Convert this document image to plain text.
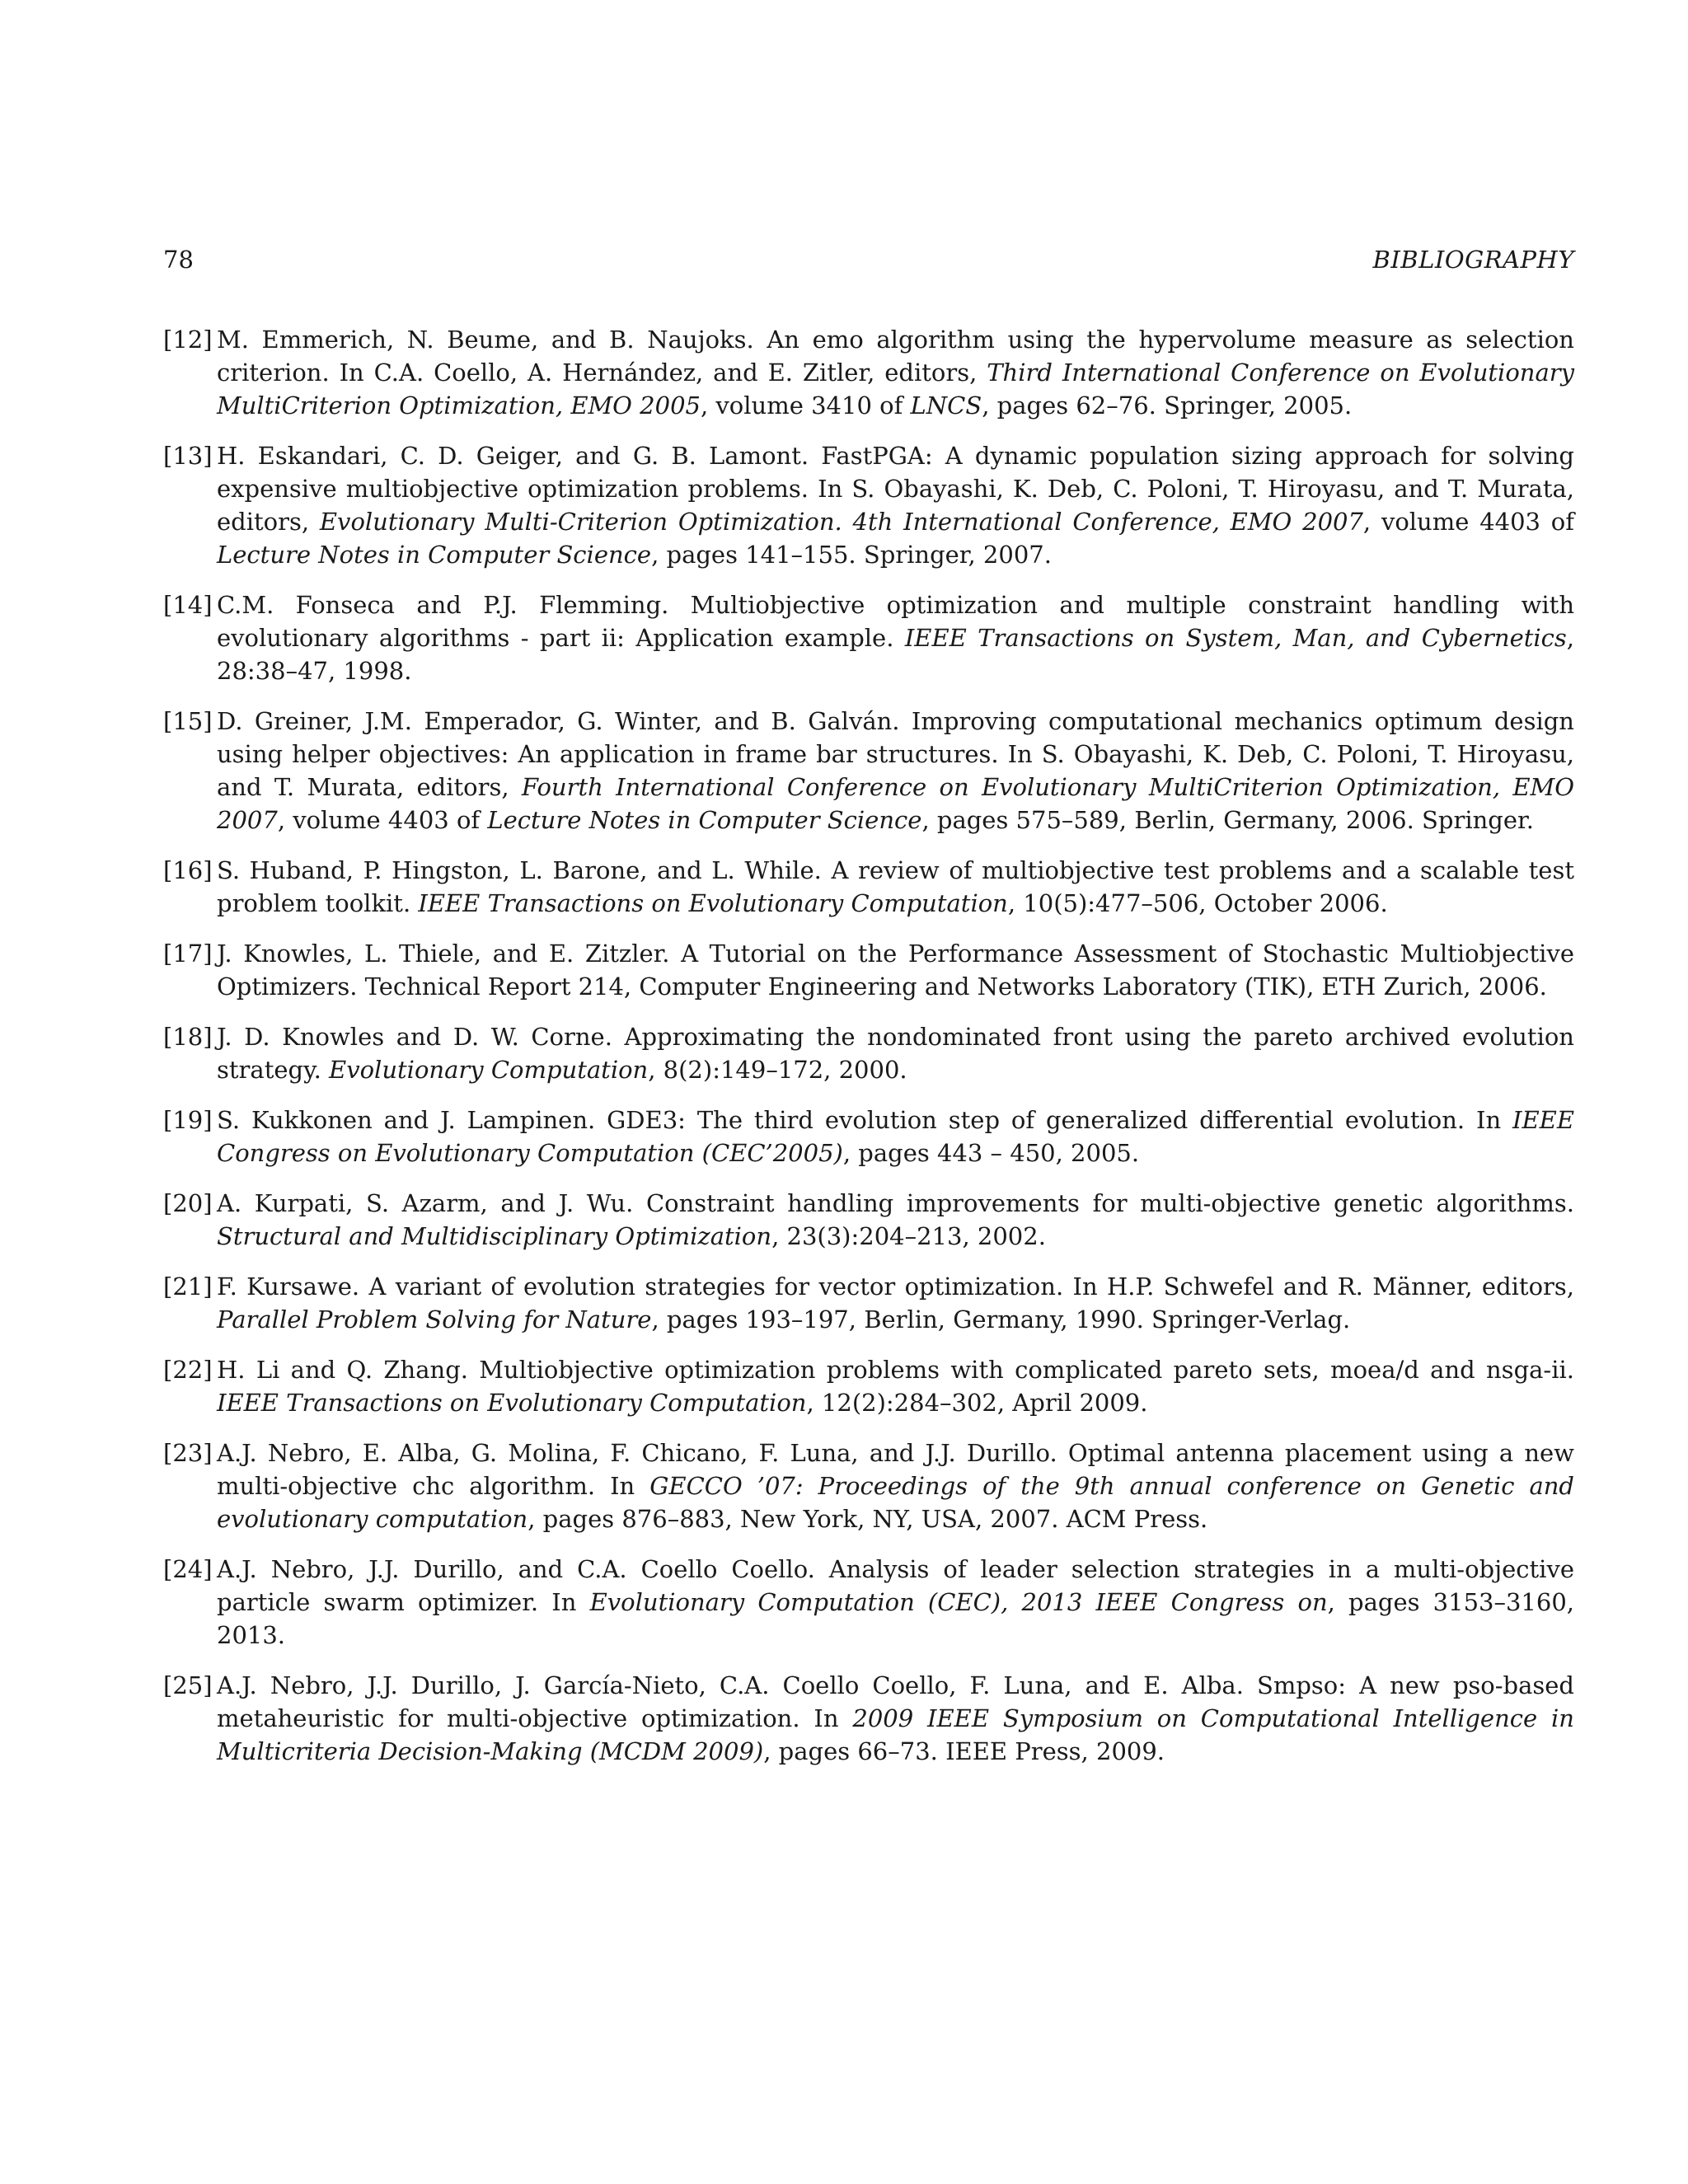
78	BIBLIOGRAPHY
[12] M. Emmerich, N. Beume, and B. Naujoks. An emo algorithm using the hypervolume measure as selection criterion. In C.A. Coello, A. Hernández, and E. Zitler, editors, Third International Conference on Evolutionary MultiCriterion Optimization, EMO 2005, volume 3410 of LNCS, pages 62–76. Springer, 2005.
[13] H. Eskandari, C. D. Geiger, and G. B. Lamont. FastPGA: A dynamic population sizing approach for solving expensive multiobjective optimization problems. In S. Obayashi, K. Deb, C. Poloni, T. Hiroyasu, and T. Murata, editors, Evolutionary Multi-Criterion Optimization. 4th International Conference, EMO 2007, volume 4403 of Lecture Notes in Computer Science, pages 141–155. Springer, 2007.
[14] C.M. Fonseca and P.J. Flemming. Multiobjective optimization and multiple constraint handling with evolutionary algorithms - part ii: Application example. IEEE Transactions on System, Man, and Cybernetics, 28:38–47, 1998.
[15] D. Greiner, J.M. Emperador, G. Winter, and B. Galván. Improving computational mechanics optimum design using helper objectives: An application in frame bar structures. In S. Obayashi, K. Deb, C. Poloni, T. Hiroyasu, and T. Murata, editors, Fourth International Conference on Evolutionary MultiCriterion Optimization, EMO 2007, volume 4403 of Lecture Notes in Computer Science, pages 575–589, Berlin, Germany, 2006. Springer.
[16] S. Huband, P. Hingston, L. Barone, and L. While. A review of multiobjective test problems and a scalable test problem toolkit. IEEE Transactions on Evolutionary Computation, 10(5):477–506, October 2006.
[17] J. Knowles, L. Thiele, and E. Zitzler. A Tutorial on the Performance Assessment of Stochastic Multiobjective Optimizers. Technical Report 214, Computer Engineering and Networks Laboratory (TIK), ETH Zurich, 2006.
[18] J. D. Knowles and D. W. Corne. Approximating the nondominated front using the pareto archived evolution strategy. Evolutionary Computation, 8(2):149–172, 2000.
[19] S. Kukkonen and J. Lampinen. GDE3: The third evolution step of generalized differential evolution. In IEEE Congress on Evolutionary Computation (CEC’2005), pages 443 – 450, 2005.
[20] A. Kurpati, S. Azarm, and J. Wu. Constraint handling improvements for multi-objective genetic algorithms. Structural and Multidisciplinary Optimization, 23(3):204–213, 2002.
[21] F. Kursawe. A variant of evolution strategies for vector optimization. In H.P. Schwefel and R. Männer, editors, Parallel Problem Solving for Nature, pages 193–197, Berlin, Germany, 1990. Springer-Verlag.
[22] H. Li and Q. Zhang. Multiobjective optimization problems with complicated pareto sets, moea/d and nsga-ii. IEEE Transactions on Evolutionary Computation, 12(2):284–302, April 2009.
[23] A.J. Nebro, E. Alba, G. Molina, F. Chicano, F. Luna, and J.J. Durillo. Optimal antenna placement using a new multi-objective chc algorithm. In GECCO ’07: Proceedings of the 9th annual conference on Genetic and evolutionary computation, pages 876–883, New York, NY, USA, 2007. ACM Press.
[24] A.J. Nebro, J.J. Durillo, and C.A. Coello Coello. Analysis of leader selection strategies in a multi-objective particle swarm optimizer. In Evolutionary Computation (CEC), 2013 IEEE Congress on, pages 3153–3160, 2013.
[25] A.J. Nebro, J.J. Durillo, J. García-Nieto, C.A. Coello Coello, F. Luna, and E. Alba. Smpso: A new pso-based metaheuristic for multi-objective optimization. In 2009 IEEE Symposium on Computational Intelligence in Multicriteria Decision-Making (MCDM 2009), pages 66–73. IEEE Press, 2009.
